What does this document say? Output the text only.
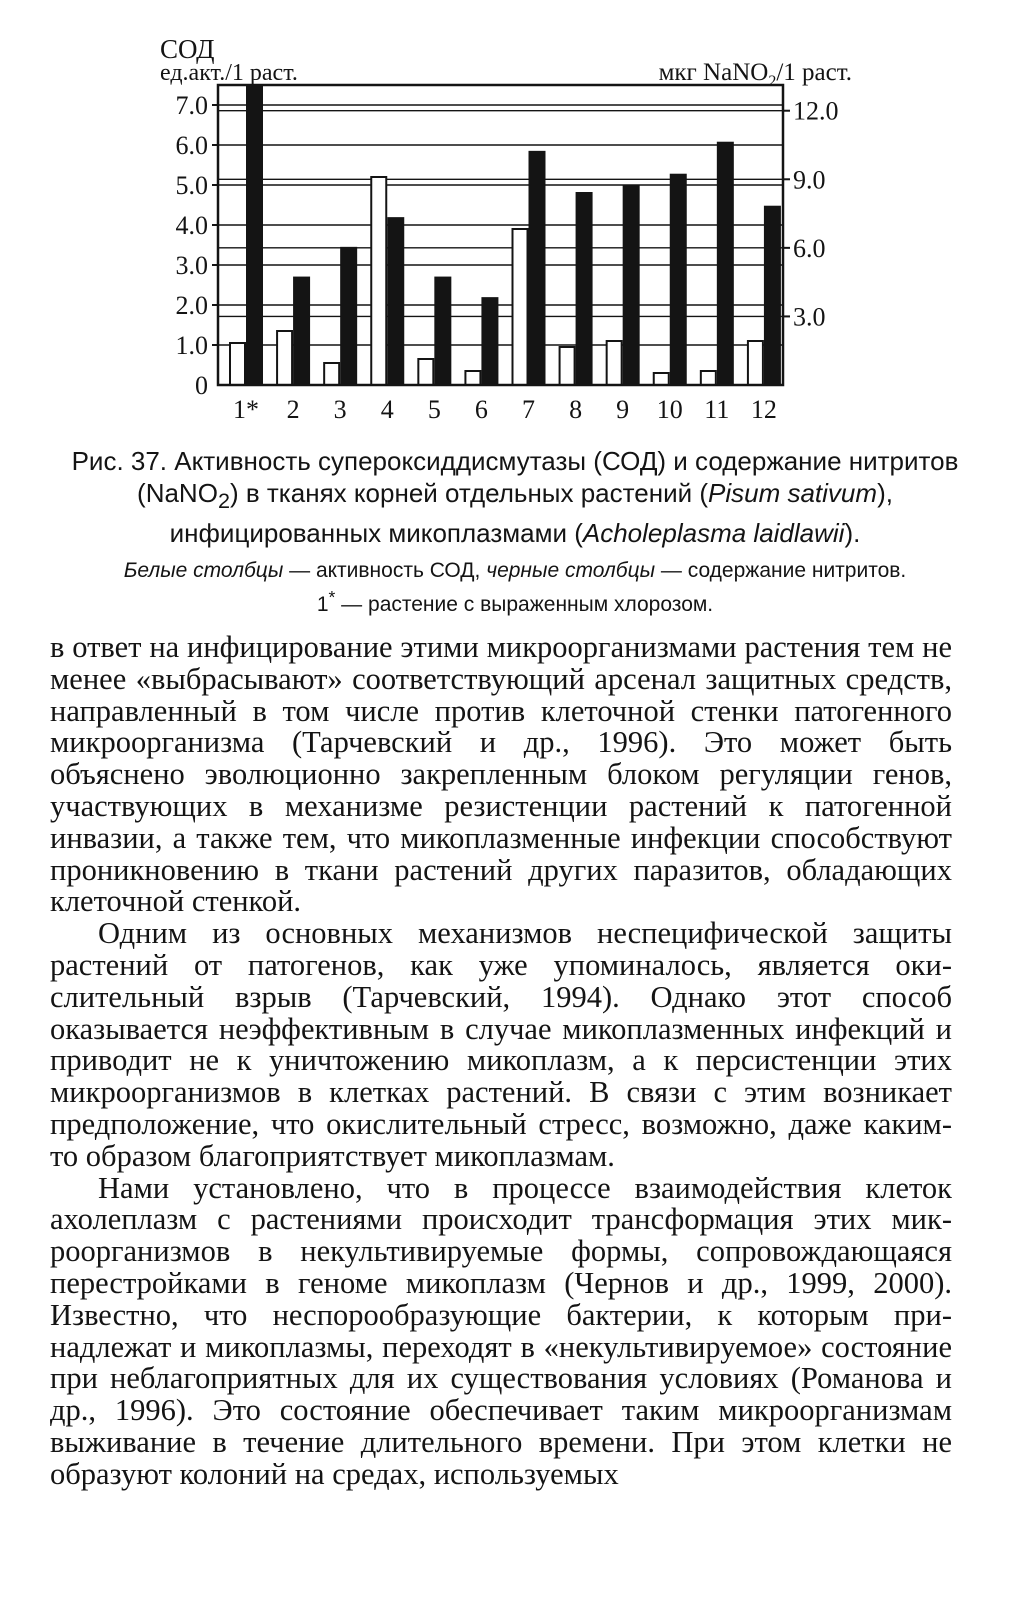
0
1.0
2.0
3.0
4.0
5.0
6.0
7.0
3.0
6.0
9.0
12.0
1* 2 3 4 5 6 7 8 9 10 11 12
СОД
ед.акт./1 раст.	мкг NaNO$_2$/1 раст.

Рис. 37. Активность супероксиддисмутазы (СОД) и содержание нитритов (NaNO$_2$) в тканях корней отдельных растений (Pisum sativum), инфицированных микоплазмами (Acholeplasma laidlawii).

Белые столбцы — активность СОД, черные столбцы — содержание нитритов.
1* — растение с выраженным хлорозом.

в ответ на инфицирование этими микроорганизмами растения тем не менее «выбрасывают» соответствующий арсенал защитных средств, направленный в том числе против клеточной стенки патогенного микроорганизма (Тарчевский и др., 1996). Это может быть объяснено эволюционно закрепленным блоком регуляции генов, участвующих в механизме резистенции растений к патогенной инвазии, а также тем, что микоплазменные инфекции способствуют проникновению в ткани растений других паразитов, обладающих клеточной стенкой.

Одним из основных механизмов неспецифической защиты растений от патогенов, как уже упоминалось, является окислительный взрыв (Тарчевский, 1994). Однако этот способ оказывается неэффективным в случае микоплазменных инфекций и приводит не к уничтожению микоплазм, а к персистенции этих микроорганизмов в клетках растений. В связи с этим возникает предположение, что окислительный стресс, возможно, даже каким-то образом благоприятствует микоплазмам.

Нами установлено, что в процессе взаимодействия клеток ахолеплазм с растениями происходит трансформация этих микроорганизмов в некультивируемые формы, сопровождающаяся перестройками в геноме микоплазм (Чернов и др., 1999, 2000). Известно, что неспорообразующие бактерии, к которым принадлежат и микоплазмы, переходят в «некультивируемое» состояние при неблагоприятных для их существования условиях (Романова и др., 1996). Это состояние обеспечивает таким микроорганизмам выживание в течение длительного времени. При этом клетки не образуют колоний на средах, используемых
